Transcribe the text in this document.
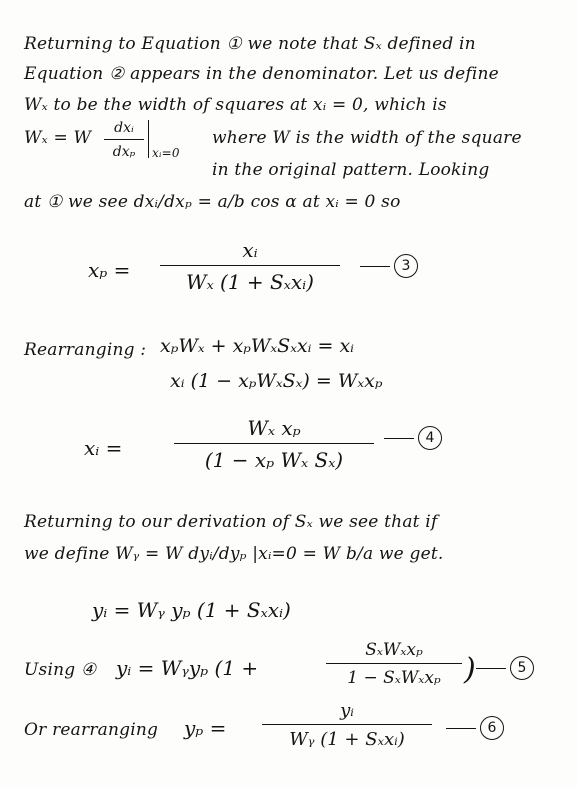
Returning to Equation ① we note that Sₓ defined in
Equation ② appears in the denominator. Let us define
Wₓ to be the width of squares at xᵢ = 0, which is
Wₓ = W	dxᵢ
dxₚ	xᵢ=0
where W is the width of the square
in the original pattern. Looking
at ① we see dxᵢ/dxₚ = a/b cos α at xᵢ = 0 so
xₚ =
xᵢ
Wₓ (1 + Sₓxᵢ)
3
Rearranging : xₚWₓ + xₚWₓSₓxᵢ = xᵢ
xᵢ (1 − xₚWₓSₓ) = Wₓxₚ
xᵢ =
Wₓ xₚ
(1 − xₚ Wₓ Sₓ)
4
Returning to our derivation of Sₓ we see that if
we define Wᵧ = W dyᵢ/dyₚ |xᵢ=0 = W b/a we get.
yᵢ = Wᵧ yₚ (1 + Sₓxᵢ)
Using ④ yᵢ = Wᵧyₚ (1 +
SₓWₓxₚ
1 − SₓWₓxₚ )	5
Or rearranging yₚ =
yᵢ
Wᵧ (1 + Sₓxᵢ)
6
